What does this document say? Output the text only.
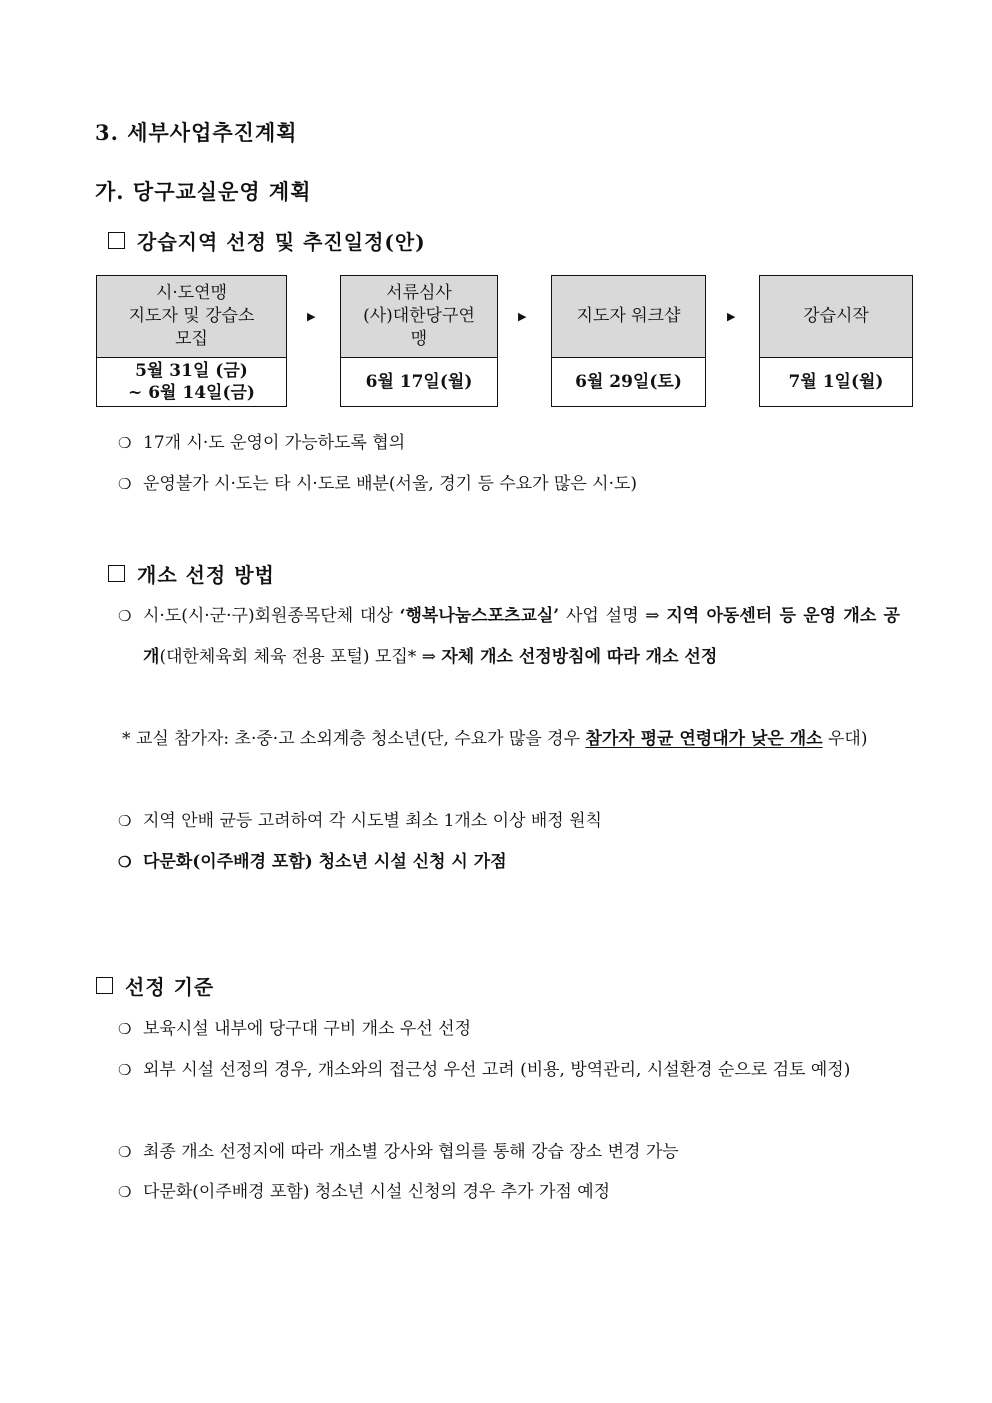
3. 세부사업추진계획
가. 당구교실운영 계획
강습지역 선정 및 추진일정(안)
시·도연맹
지도자 및 강습소
모집
5월 31일 (금)
~ 6월 14일(금)
▶
서류심사
(사)대한당구연
맹
6월 17일(월)
▶	지도자 워크샵
6월 29일(토)
▶	강습시작
7월 1일(월)
❍ 17개 시·도 운영이 가능하도록 협의
❍ 운영불가 시·도는 타 시·도로 배분(서울, 경기 등 수요가 많은 시·도)
개소 선정 방법
❍ 시·도(시·군·구)회원종목단체 대상 ‘행복나눔스포츠교실’ 사업 설명 ⇒ 지역 아동센터 등 운영 개소 공개(대한체육회 체육 전용 포털) 모집* ⇒ 자체 개소 선정방침에 따라 개소 선정
* 교실 참가자: 초·중·고 소외계층 청소년(단, 수요가 많을 경우 참가자 평균 연령대가 낮은 개소 우대)
❍ 지역 안배 균등 고려하여 각 시도별 최소 1개소 이상 배정 원칙
❍ 다문화(이주배경 포함) 청소년 시설 신청 시 가점
선정 기준
❍ 보육시설 내부에 당구대 구비 개소 우선 선정
❍ 외부 시설 선정의 경우, 개소와의 접근성 우선 고려 (비용, 방역관리, 시설환경 순으로 검토 예정)
❍ 최종 개소 선정지에 따라 개소별 강사와 협의를 통해 강습 장소 변경 가능
❍ 다문화(이주배경 포함) 청소년 시설 신청의 경우 추가 가점 예정
